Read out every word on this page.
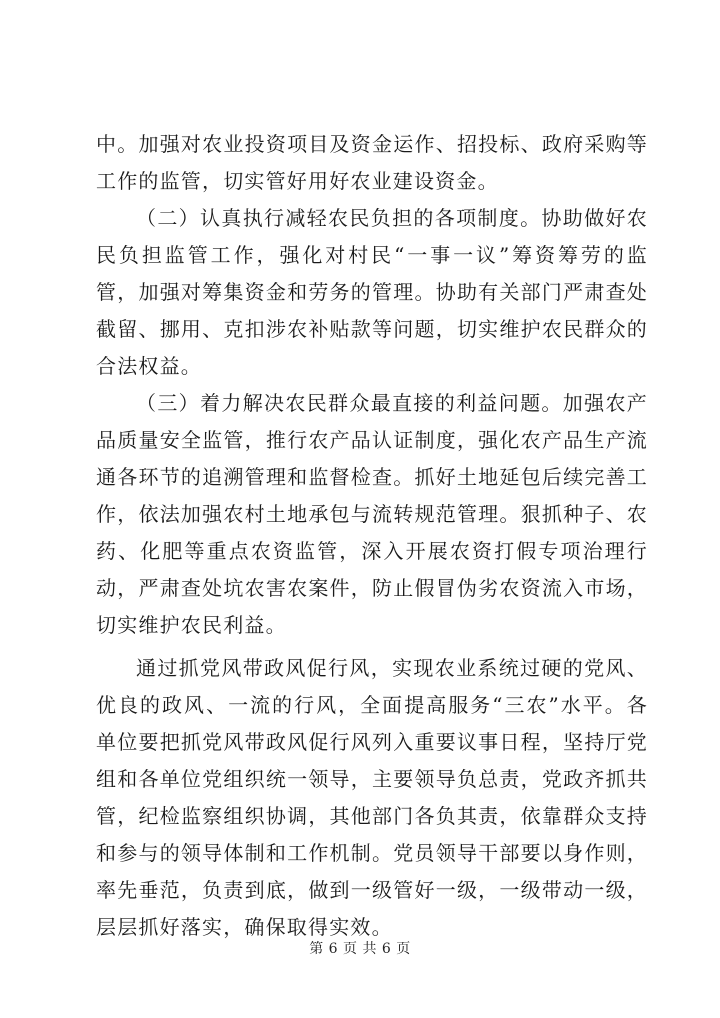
中。加强对农业投资项目及资金运作、招投标、政府采购等工作的监管，切实管好用好农业建设资金。

（二）认真执行减轻农民负担的各项制度。协助做好农民负担监管工作，强化对村民“一事一议”筹资筹劳的监管，加强对筹集资金和劳务的管理。协助有关部门严肃查处截留、挪用、克扣涉农补贴款等问题，切实维护农民群众的合法权益。

（三）着力解决农民群众最直接的利益问题。加强农产品质量安全监管，推行农产品认证制度，强化农产品生产流通各环节的追溯管理和监督检查。抓好土地延包后续完善工作，依法加强农村土地承包与流转规范管理。狠抓种子、农药、化肥等重点农资监管，深入开展农资打假专项治理行动，严肃查处坑农害农案件，防止假冒伪劣农资流入市场，切实维护农民利益。

通过抓党风带政风促行风，实现农业系统过硬的党风、优良的政风、一流的行风，全面提高服务“三农”水平。各单位要把抓党风带政风促行风列入重要议事日程，坚持厅党组和各单位党组织统一领导，主要领导负总责，党政齐抓共管，纪检监察组织协调，其他部门各负其责，依靠群众支持和参与的领导体制和工作机制。党员领导干部要以身作则，率先垂范，负责到底，做到一级管好一级，一级带动一级，层层抓好落实，确保取得实效。

第 6 页 共 6 页
